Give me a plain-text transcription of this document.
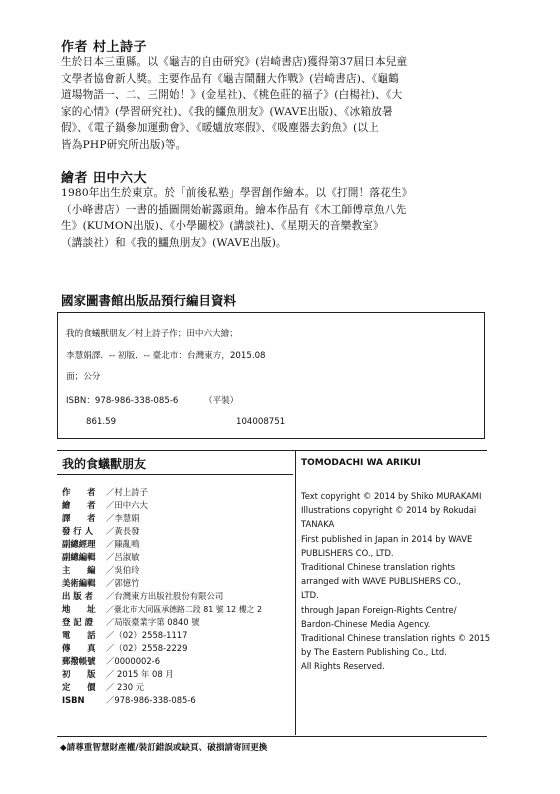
作者 村上詩子
生於日本三重縣。以《龜吉的自由研究》(岩崎書店)獲得第37屆日本兒童
文學者協會新人獎。主要作品有《龜吉鬧翻大作戰》(岩崎書店)、《龜鶴
道場物語一、二、三開始！》(金星社)、《桃色莊的福子》(白楊社)、《大
家的心情》(學習研究社)、《我的鱷魚朋友》(WAVE出版)、《冰箱放暑
假》、《電子鍋參加運動會》、《暖爐放寒假》、《吸塵器去釣魚》(以上
皆為PHP研究所出版)等。
繪者 田中六大
1980年出生於東京。於「前後私塾」學習創作繪本。以《打開！落花生》
（小峰書店）一書的插圖開始嶄露頭角。繪本作品有《木工師傅章魚八先
生》(KUMON出版)、《小學關校》(講談社)、《星期天的音樂教室》
（講談社）和《我的鱷魚朋友》(WAVE出版)。
國家圖書館出版品預行編目資料
我的食蟻獸朋友／村上詩子作；田中六大繪；
李慧娟譯．-- 初版．-- 臺北市：台灣東方，2015.08
面；公分
ISBN：978-986-338-085-6	（平裝）
861.59	104008751
我的食蟻獸朋友
作　　者 ／村上詩子
繪　　者 ／田中六大
譯　　者 ／李慧娟
發 行 人 ／黃長發
副總經理 ／陳亂鳴
副總編輯 ／呂淑敏
主　　編 ／吳伯玲
美術編輯 ／郭憶竹
出 版 者 ／台灣東方出版社股份有限公司
地　　址 ／臺北市大同區承德路二段 81 號 12 樓之 2
登 記 證 ／局版臺業字第 0840 號
電　　話 ／（02）2558-1117
傳　　真 ／（02）2558-2229
郵撥帳號 ／0000002-6
初　　版 ／ 2015 年 08 月
定　　價 ／ 230 元
ISBN	／978-986-338-085-6
TOMODACHI WA ARIKUI
Text copyright © 2014 by Shiko MURAKAMI
Illustrations copyright © 2014 by Rokudai
TANAKA
First published in Japan in 2014 by WAVE
PUBLISHERS CO., LTD.
Traditional Chinese translation rights
arranged with WAVE PUBLISHERS CO.,
LTD.
through Japan Foreign-Rights Centre/
Bardon-Chinese Media Agency.
Traditional Chinese translation rights © 2015
by The Eastern Publishing Co., Ltd.
All Rights Reserved.
◆請尊重智慧財產權/裝訂錯誤或缺頁、破損請寄回更換
